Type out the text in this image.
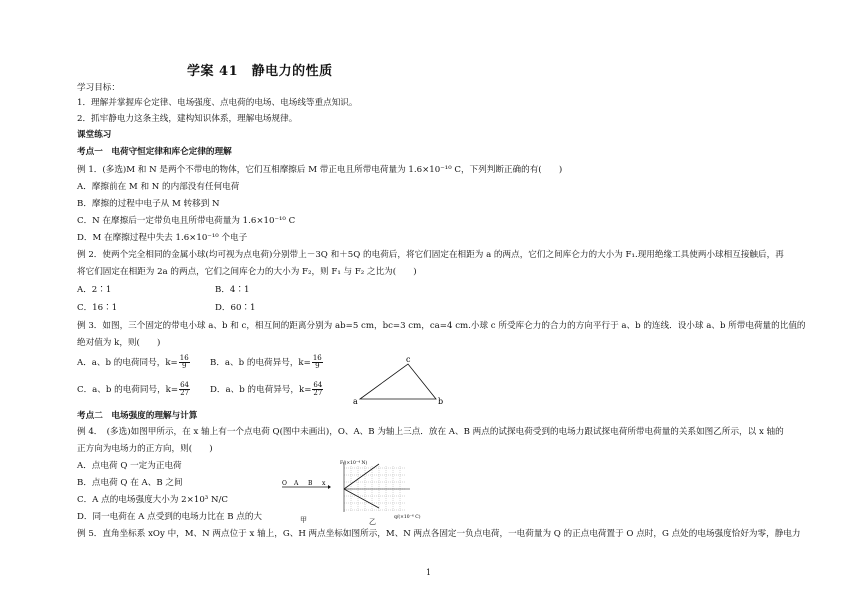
学案 41　静电力的性质
学习目标：
1．理解并掌握库仑定律、电场强度、点电荷的电场、电场线等重点知识。
2．抓牢静电力这条主线，建构知识体系，理解电场规律。
课堂练习
考点一　电荷守恒定律和库仑定律的理解
例 1．(多选)M 和 N 是两个不带电的物体，它们互相摩擦后 M 带正电且所带电荷量为 1.6×10⁻¹⁰ C，下列判断正确的有(　　)
A．摩擦前在 M 和 N 的内部没有任何电荷
B．摩擦的过程中电子从 M 转移到 N
C．N 在摩擦后一定带负电且所带电荷量为 1.6×10⁻¹⁰ C
D．M 在摩擦过程中失去 1.6×10⁻¹⁰ 个电子
例 2．使两个完全相同的金属小球(均可视为点电荷)分别带上－3Q 和＋5Q 的电荷后，将它们固定在相距为 a 的两点，它们之间库仑力的大小为 F₁.现用绝缘工具使两小球相互接触后，再
将它们固定在相距为 2a 的两点，它们之间库仑力的大小为 F₂，则 F₁ 与 F₂ 之比为(　　)
A．2∶1	B．4∶1
C．16∶1	D．60∶1
例 3．如图，三个固定的带电小球 a、b 和 c，相互间的距离分别为 ab=5 cm，bc=3 cm，ca=4 cm.小球 c 所受库仑力的合力的方向平行于 a、b 的连线．设小球 a、b 所带电荷量的比值的
绝对值为 k，则(　　)
A．a、b 的电荷同号，$k= \frac{16}{9}$ B．a、b 的电荷异号，$k= \frac{16}{9}$
C．a、b 的电荷同号，$k= \frac{64}{27}$ D．a、b 的电荷异号，$k= \frac{64}{27}$
c
a	b
考点二　电场强度的理解与计算
例 4．　(多选)如图甲所示，在 x 轴上有一个点电荷 Q(图中未画出)，O、A、B 为轴上三点．放在 A、B 两点的试探电荷受到的电场力跟试探电荷所带电荷量的关系如图乙所示，以 x 轴的
正方向为电场力的正方向，则(　　)
A．点电荷 Q 一定为正电荷
B．点电荷 Q 在 A、B 之间
C．A 点的电场强度大小为 2×10³ N/C
D．同一电荷在 A 点受到的电场力比在 B 点的大
O A B x
甲
F/(×10⁻⁴ N)
q/(×10⁻⁶ C)
乙
例 5．直角坐标系 xOy 中，M、N 两点位于 x 轴上，G、H 两点坐标如图所示，M、N 两点各固定一负点电荷，一电荷量为 Q 的正点电荷置于 O 点时，G 点处的电场强度恰好为零，静电力
1
